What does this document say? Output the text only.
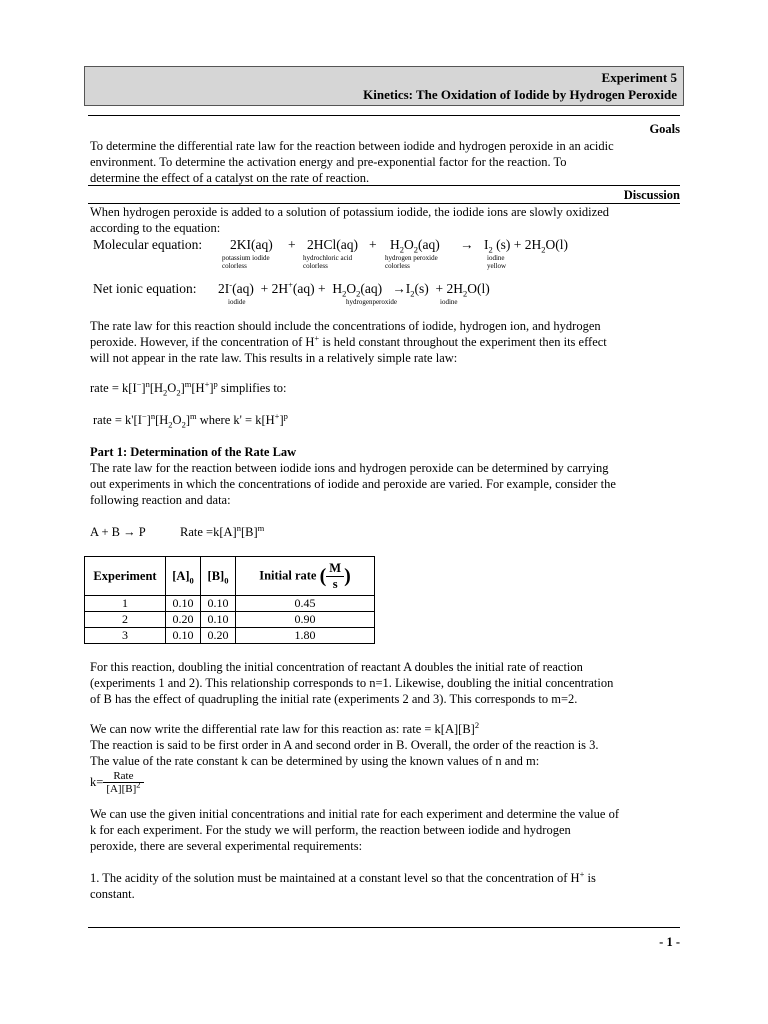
Experiment 5
Kinetics: The Oxidation of Iodide by Hydrogen Peroxide
Goals
To determine the differential rate law for the reaction between iodide and hydrogen peroxide in an acidic
environment. To determine the activation energy and pre-exponential factor for the reaction. To
determine the effect of a catalyst on the rate of reaction.
Discussion
When hydrogen peroxide is added to a solution of potassium iodide, the iodide ions are slowly oxidized
according to the equation:
Molecular equation: $2KI(aq) + 2HCl(aq) + H_2O_2(aq) \to I_2$ $(s) + 2H_2O(l)$
potassium iodide
colorless
hydrochloric acid
colorless
hydrogen peroxide
colorless
iodine
yellow
Net ionic equation: $2I^-(aq) + 2H^+(aq) + H_2O_2(aq) \to I_2(s) + 2H_2O(l)$
iodide	hydrogenperoxide	iodine
The rate law for this reaction should include the concentrations of iodide, hydrogen ion, and hydrogen
peroxide. However, if the concentration of H+ is held constant throughout the experiment then its effect
will not appear in the rate law. This results in a relatively simple rate law:
rate = $k[I^-]^n[H_2O_2]^m[H^+]^p$ simplifies to:
rate = $k'[I^-]^n[H_2O_2]^m$ where $k' = k[H^+]^p$
Part 1: Determination of the Rate Law
The rate law for the reaction between iodide ions and hydrogen peroxide can be determined by carrying
out experiments in which the concentrations of iodide and peroxide are varied. For example, consider the
following reaction and data:
A + B → P	Rate $=k[A]^n[B]^m$
Experiment	$[A]_0$	$[B]_0$	Initial rate ( $\frac{M}{s}$ )
1	0.10	0.10	0.45
2	0.20	0.10	0.90
3	0.10	0.20	1.80
For this reaction, doubling the initial concentration of reactant A doubles the initial rate of reaction
(experiments 1 and 2). This relationship corresponds to n=1. Likewise, doubling the initial concentration
of B has the effect of quadrupling the initial rate (experiments 2 and 3). This corresponds to m=2.
We can now write the differential rate law for this reaction as: rate = $k[A][B]^2$
The reaction is said to be first order in A and second order in B. Overall, the order of the reaction is 3.
The value of the rate constant k can be determined by using the known values of n and m:
$k= \frac{\text{Rate}}{[A][B]^2}$
We can use the given initial concentrations and initial rate for each experiment and determine the value of
k for each experiment. For the study we will perform, the reaction between iodide and hydrogen
peroxide, there are several experimental requirements:
1. The acidity of the solution must be maintained at a constant level so that the concentration of H+ is
constant.
- 1 -
